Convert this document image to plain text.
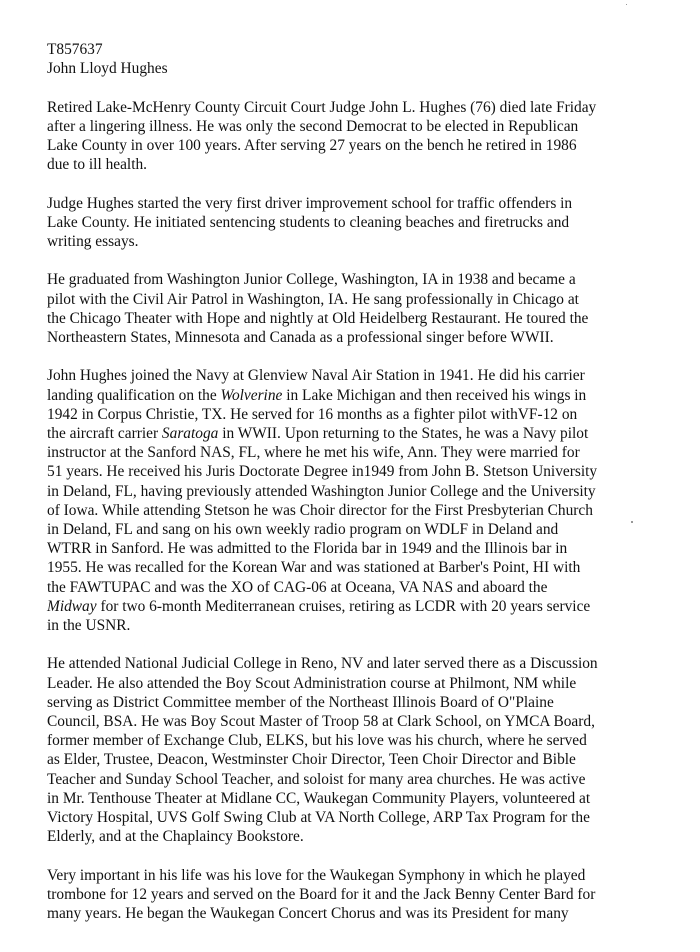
T857637

John Lloyd Hughes

Retired Lake-McHenry County Circuit Court Judge John L. Hughes (76) died late Friday
after a lingering illness. He was only the second Democrat to be elected in Republican
Lake County in over 100 years. After serving 27 years on the bench he retired in 1986
due to ill health.
Judge Hughes started the very first driver improvement school for traffic offenders in
Lake County. He initiated sentencing students to cleaning beaches and firetrucks and
writing essays.
He graduated from Washington Junior College, Washington, IA in 1938 and became a
pilot with the Civil Air Patrol in Washington, IA. He sang professionally in Chicago at
the Chicago Theater with Hope and nightly at Old Heidelberg Restaurant. He toured the
Northeastern States, Minnesota and Canada as a professional singer before WWII.
John Hughes joined the Navy at Glenview Naval Air Station in 1941. He did his carrier
landing qualification on the Wolverine in Lake Michigan and then received his wings in
1942 in Corpus Christie, TX. He served for 16 months as a fighter pilot withVF-12 on
the aircraft carrier Saratoga in WWII. Upon returning to the States, he was a Navy pilot
instructor at the Sanford NAS, FL, where he met his wife, Ann. They were married for
51 years. He received his Juris Doctorate Degree in1949 from John B. Stetson University
in Deland, FL, having previously attended Washington Junior College and the University
of Iowa. While attending Stetson he was Choir director for the First Presbyterian Church
in Deland, FL and sang on his own weekly radio program on WDLF in Deland and
WTRR in Sanford. He was admitted to the Florida bar in 1949 and the Illinois bar in
1955. He was recalled for the Korean War and was stationed at Barber's Point, HI with
the FAWTUPAC and was the XO of CAG-06 at Oceana, VA NAS and aboard the
Midway for two 6-month Mediterranean cruises, retiring as LCDR with 20 years service
in the USNR.
He attended National Judicial College in Reno, NV and later served there as a Discussion
Leader. He also attended the Boy Scout Administration course at Philmont, NM while
serving as District Committee member of the Northeast Illinois Board of O"Plaine
Council, BSA. He was Boy Scout Master of Troop 58 at Clark School, on YMCA Board,
former member of Exchange Club, ELKS, but his love was his church, where he served
as Elder, Trustee, Deacon, Westminster Choir Director, Teen Choir Director and Bible
Teacher and Sunday School Teacher, and soloist for many area churches. He was active
in Mr. Tenthouse Theater at Midlane CC, Waukegan Community Players, volunteered at
Victory Hospital, UVS Golf Swing Club at VA North College, ARP Tax Program for the
Elderly, and at the Chaplaincy Bookstore.
Very important in his life was his love for the Waukegan Symphony in which he played
trombone for 12 years and served on the Board for it and the Jack Benny Center Bard for
many years. He began the Waukegan Concert Chorus and was its President for many
